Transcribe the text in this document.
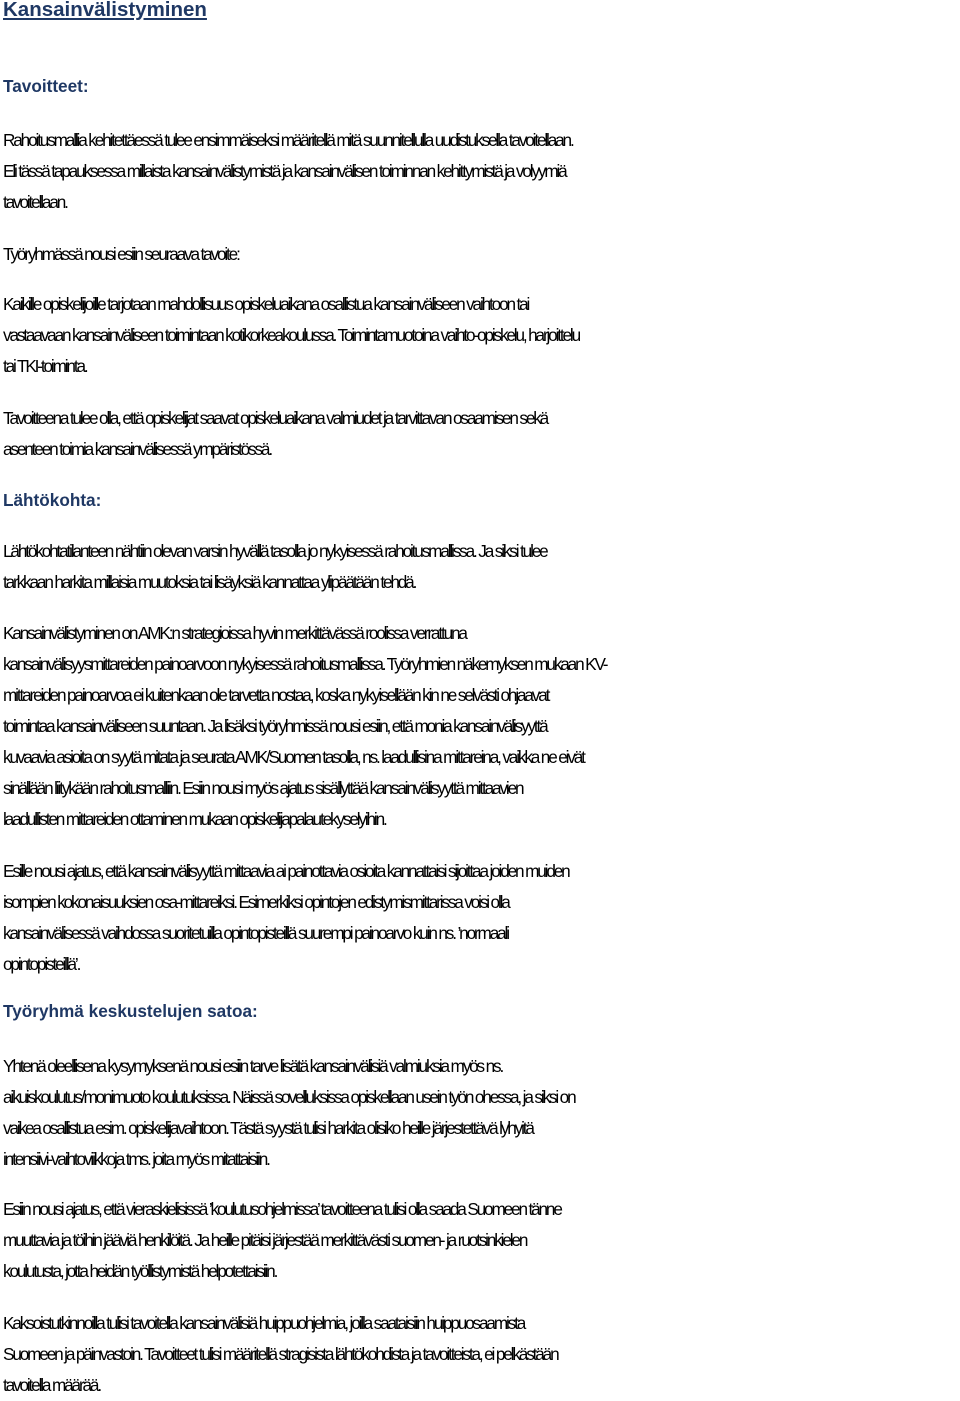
Kansainvälistyminen
Tavoitteet:
Rahoitusmallia kehitettäessä tulee ensimmäiseksi määritellä mitä suunnitellulla uudistuksella tavoitellaan.
Eli tässä tapauksessa millaista kansainvälistymistä ja kansainvälisen toiminnan kehittymistä ja volyymiä
tavoitellaan.
Työryhmässä nousi esiin seuraava tavoite:
Kaikille opiskelijoille tarjotaan mahdollisuus opiskeluaikana osallistua kansainväliseen vaihtoon tai
vastaavaan kansainväliseen toimintaan kotikorkeakoulussa. Toimintamuotoina vaihto-opiskelu, harjoittelu
tai TKI-toiminta.
Tavoitteena tulee olla, että opiskelijat saavat opiskeluaikana valmiudet ja tarvittavan osaamisen sekä
asenteen toimia kansainvälisessä ympäristössä.
Lähtökohta:
Lähtökohtatilanteen nähtiin olevan varsin hyvällä tasolla jo nykyisessä rahoitusmallissa. Ja siksi tulee
tarkkaan harkita millaisia muutoksia tai lisäyksiä kannattaa ylipäätään tehdä.
Kansainvälistyminen on AMK:n strategioissa hyvin merkittävässä roolissa verrattuna
kansainvälisyysmittareiden painoarvoon nykyisessä rahoitusmallissa. Työryhmien näkemyksen mukaan KV-
mittareiden painoarvoa ei kuitenkaan ole tarvetta nostaa, koska nykyisellään kin ne selvästi ohjaavat
toimintaa kansainväliseen suuntaan. Ja lisäksi työryhmissä nousi esiin, että monia kansainvälisyyttä
kuvaavia asioita on syytä mitata ja seurata AMK/Suomen tasolla, ns. laadullisina mittareina, vaikka ne eivät
sinällään liitykään rahoitusmalliin. Esiin nousi myös ajatus sisällyttää kansainvälisyyttä mittaavien
laadullisten mittareiden ottaminen mukaan opiskelijapalautekyselyihin.
Esille nousi ajatus, että kansainvälisyyttä mittaavia ai painottavia osioita kannattaisi sijoittaa joiden muiden
isompien kokonaisuuksien osa-mittareiksi. Esimerkiksi opintojen edistymismittarissa voisi olla
kansainvälisessä vaihdossa suoritetuilla opintopisteillä suurempi painoarvo kuin ns. ’normaali
opintopisteillä’.
Työryhmä keskustelujen satoa:
Yhtenä oleellisena kysymyksenä nousi esiin tarve lisätä kansainvälisiä valmiuksia myös ns.
aikuiskoulutus/monimuoto koulutuksissa. Näissä sovelluksissa opiskellaan usein työn ohessa, ja siksi on
vaikea osallistua esim. opiskelijavaihtoon. Tästä syystä tulisi harkita olisiko heille järjestettävä lyhyitä
intensiivi-vaihtoviikkoja tms. joita myös mitattaisiin.
Esiin nousi ajatus, että vieraskielisissä ’koulutusohjelmissa’ tavoitteena tulisi olla saada Suomeen tänne
muuttavia ja töihin jääviä henkilöitä. Ja heille pitäisi järjestää merkittävästi suomen- ja ruotsinkielen
koulutusta, jotta heidän työllistymistä helpotettaisiin.
Kaksoistutkinnoilla tulisi tavoitella kansainvälisiä huippuohjelmia, joilla saataisiin huippuosaamista
Suomeen ja päinvastoin. Tavoitteet tulisi määritellä stragisista lähtökohdista ja tavoitteista, ei pelkästään
tavoitella määrää.
